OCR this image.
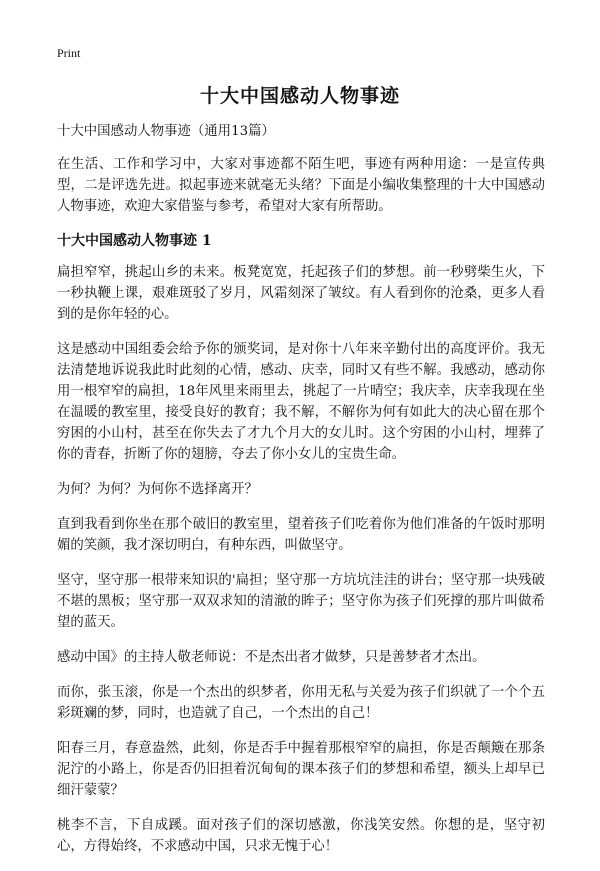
Print
十大中国感动人物事迹

十大中国感动人物事迹（通用13篇）

在生活、工作和学习中，大家对事迹都不陌生吧，事迹有两种用途：一是宣传典型，二是评选先进。拟起事迹来就毫无头绪？下面是小编收集整理的十大中国感动人物事迹，欢迎大家借鉴与参考，希望对大家有所帮助。

十大中国感动人物事迹 1

扁担窄窄，挑起山乡的未来。板凳宽宽，托起孩子们的梦想。前一秒劈柴生火，下一秒执鞭上课，艰难斑驳了岁月，风霜刻深了皱纹。有人看到你的沧桑，更多人看到的是你年轻的心。

这是感动中国组委会给予你的颁奖词，是对你十八年来辛勤付出的高度评价。我无法清楚地诉说我此时此刻的心情，感动、庆幸，同时又有些不解。我感动，感动你用一根窄窄的扁担，18年风里来雨里去，挑起了一片晴空；我庆幸，庆幸我现在坐在温暖的教室里，接受良好的教育；我不解，不解你为何有如此大的决心留在那个穷困的小山村，甚至在你失去了才九个月大的女儿时。这个穷困的小山村，埋葬了你的青春，折断了你的翅膀，夺去了你小女儿的宝贵生命。

为何？为何？为何你不选择离开？

直到我看到你坐在那个破旧的教室里，望着孩子们吃着你为他们准备的午饭时那明媚的笑颜，我才深切明白，有种东西，叫做坚守。

坚守，坚守那一根带来知识的'扁担；坚守那一方坑坑洼洼的讲台；坚守那一块残破不堪的黑板；坚守那一双双求知的清澈的眸子；坚守你为孩子们死撑的那片叫做希望的蓝天。

感动中国》的主持人敬老师说：不是杰出者才做梦，只是善梦者才杰出。

而你，张玉滚，你是一个杰出的织梦者，你用无私与关爱为孩子们织就了一个个五彩斑斓的梦，同时，也造就了自己，一个杰出的自己！

阳春三月，春意盎然，此刻，你是否手中握着那根窄窄的扁担，你是否颠簸在那条泥泞的小路上，你是否仍旧担着沉甸甸的课本孩子们的梦想和希望，额头上却早已细汗蒙蒙？

桃李不言，下自成蹊。面对孩子们的深切感激，你浅笑安然。你想的是，坚守初心，方得始终，不求感动中国，只求无愧于心！
